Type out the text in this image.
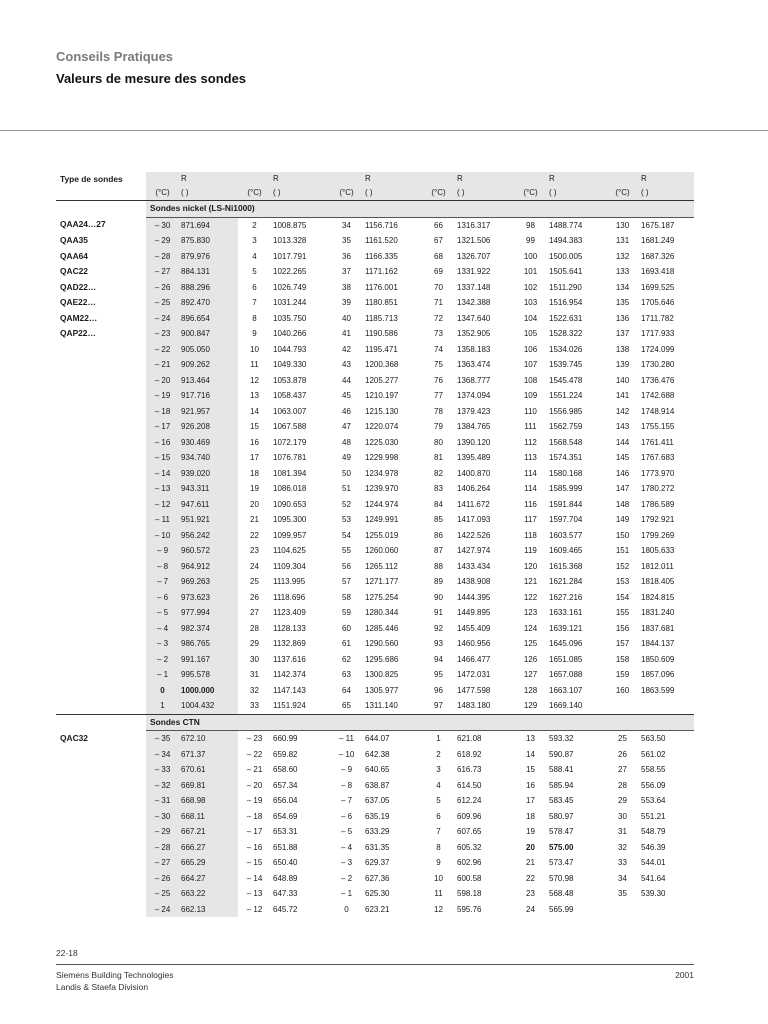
Conseils Pratiques
Valeurs de mesure des sondes
Type de sondes		R		R		R		R		R		R
	(°C)	( )	(°C)	( )	(°C)	( )	(°C)	( )	(°C)	( )	(°C)	( )
	Sondes nickel (LS-Ni1000)											
QAA24…27	– 30	871.694	2	1008.875	34	1156.716	66	1316.317	98	1488.774	130	1675.187
QAA35	– 29	875.830	3	1013.328	35	1161.520	67	1321.506	99	1494.383	131	1681.249
QAA64	– 28	879.976	4	1017.791	36	1166.335	68	1326.707	100	1500.005	132	1687.326
QAC22	– 27	884.131	5	1022.265	37	1171.162	69	1331.922	101	1505.641	133	1693.418
QAD22…	– 26	888.296	6	1026.749	38	1176.001	70	1337.148	102	1511.290	134	1699.525
QAE22…	– 25	892.470	7	1031.244	39	1180.851	71	1342.388	103	1516.954	135	1705.646
QAM22…	– 24	896.654	8	1035.750	40	1185.713	72	1347.640	104	1522.631	136	1711.782
QAP22…	– 23	900.847	9	1040.266	41	1190.586	73	1352.905	105	1528.322	137	1717.933
	– 22	905.050	10	1044.793	42	1195.471	74	1358.183	106	1534.026	138	1724.099
	– 21	909.262	11	1049.330	43	1200.368	75	1363.474	107	1539.745	139	1730.280
	– 20	913.464	12	1053.878	44	1205.277	76	1368.777	108	1545.478	140	1736.476
	– 19	917.716	13	1058.437	45	1210.197	77	1374.094	109	1551.224	141	1742.688
	– 18	921.957	14	1063.007	46	1215.130	78	1379.423	110	1556.985	142	1748.914
	– 17	926.208	15	1067.588	47	1220.074	79	1384.765	111	1562.759	143	1755.155
	– 16	930.469	16	1072.179	48	1225.030	80	1390.120	112	1568.548	144	1761.411
	– 15	934.740	17	1076.781	49	1229.998	81	1395.489	113	1574.351	145	1767.683
	– 14	939.020	18	1081.394	50	1234.978	82	1400.870	114	1580.168	146	1773.970
	– 13	943.311	19	1086.018	51	1239.970	83	1406.264	114	1585.999	147	1780.272
	– 12	947.611	20	1090.653	52	1244.974	84	1411.672	116	1591.844	148	1786.589
	– 11	951.921	21	1095.300	53	1249.991	85	1417.093	117	1597.704	149	1792.921
	– 10	956.242	22	1099.957	54	1255.019	86	1422.526	118	1603.577	150	1799.269
	– 9	960.572	23	1104.625	55	1260.060	87	1427.974	119	1609.465	151	1805.633
	– 8	964.912	24	1109.304	56	1265.112	88	1433.434	120	1615.368	152	1812.011
	– 7	969.263	25	1113.995	57	1271.177	89	1438.908	121	1621.284	153	1818.405
	– 6	973.623	26	1118.696	58	1275.254	90	1444.395	122	1627.216	154	1824.815
	– 5	977.994	27	1123.409	59	1280.344	91	1449.895	123	1633.161	155	1831.240
	– 4	982.374	28	1128.133	60	1285.446	92	1455.409	124	1639.121	156	1837.681
	– 3	986.765	29	1132.869	61	1290.560	93	1460.956	125	1645.096	157	1844.137
	– 2	991.167	30	1137.616	62	1295.686	94	1466.477	126	1651.085	158	1850.609
	– 1	995.578	31	1142.374	63	1300.825	95	1472.031	127	1657.088	159	1857.096
	0	1000.000	32	1147.143	64	1305.977	96	1477.598	128	1663.107	160	1863.599
	1	1004.432	33	1151.924	65	1311.140	97	1483.180	129	1669.140		
	Sondes CTN											
QAC32	– 35	672.10	– 23	660.99	– 11	644.07	1	621.08	13	593.32	25	563.50
	– 34	671.37	– 22	659.82	– 10	642.38	2	618.92	14	590.87	26	561.02
	– 33	670.61	– 21	658.60	– 9	640.65	3	616.73	15	588.41	27	558.55
	– 32	669.81	– 20	657.34	– 8	638.87	4	614.50	16	585.94	28	556.09
	– 31	668.98	– 19	656.04	– 7	637.05	5	612.24	17	583.45	29	553.64
	– 30	668.11	– 18	654.69	– 6	635.19	6	609.96	18	580.97	30	551.21
	– 29	667.21	– 17	653.31	– 5	633.29	7	607.65	19	578.47	31	548.79
	– 28	666.27	– 16	651.88	– 4	631.35	8	605.32	20	575.00	32	546.39
	– 27	665.29	– 15	650.40	– 3	629.37	9	602.96	21	573.47	33	544.01
	– 26	664.27	– 14	648.89	– 2	627.36	10	600.58	22	570.98	34	541.64
	– 25	663.22	– 13	647.33	– 1	625.30	11	598.18	23	568.48	35	539.30
	– 24	662.13	– 12	645.72	0	623.21	12	595.76	24	565.99		
22-18
Siemens Building Technologies
Landis & Staefa Division
2001
